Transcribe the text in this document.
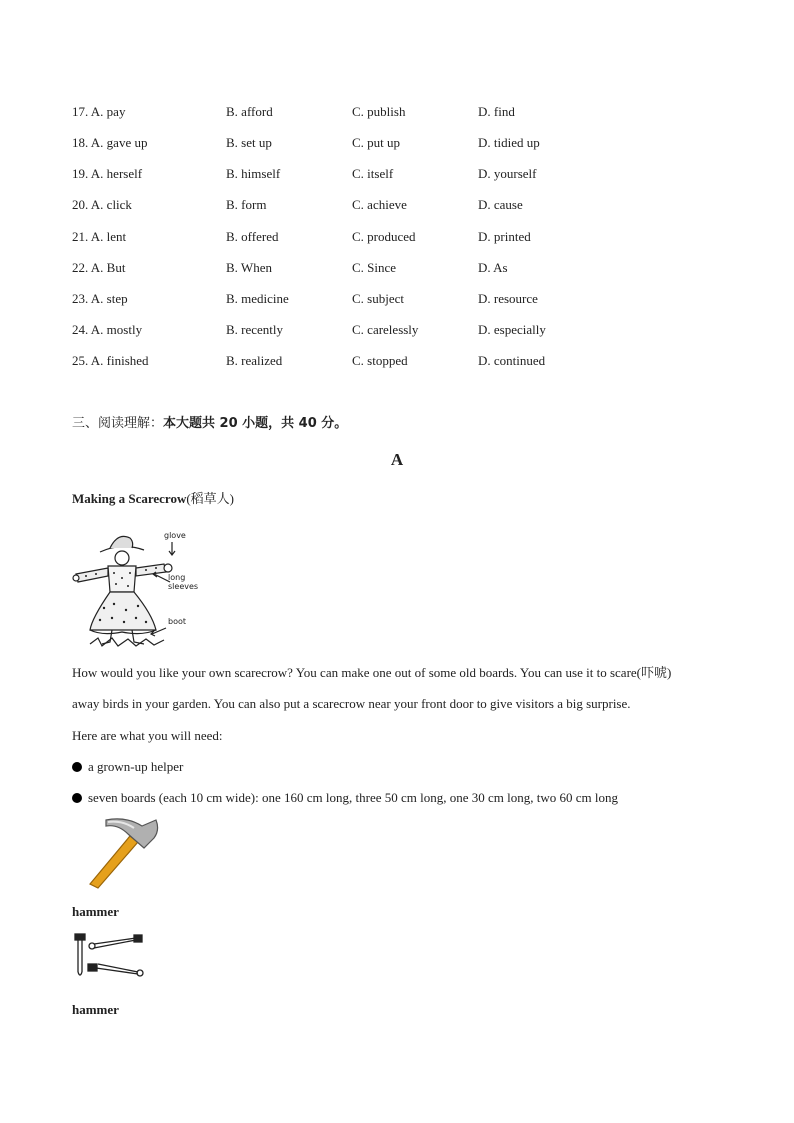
17. A. pay	B. afford	C. publish	D. find
18. A. gave up	B. set up	C. put up	D. tidied up
19. A. herself	B. himself	C. itself	D. yourself
20. A. click	B. form	C. achieve	D. cause
21. A. lent	B. offered	C. produced	D. printed
22. A. But	B. When	C. Since	D. As
23. A. step	B. medicine	C. subject	D. resource
24. A. mostly	B. recently	C. carelessly	D. especially
25. A. finished	B. realized	C. stopped	D. continued
三、阅读理解：本大题共 20 小题，共 40 分。
A
Making a Scarecrow(稻草人)
glove
long
sleeves
boot
How would you like your own scarecrow? You can make one out of some old boards. You can use it to scare(吓唬)
away birds in your garden. You can also put a scarecrow near your front door to give visitors a big surprise.
Here are what you will need:
a grown-up helper
seven boards (each 10 cm wide): one 160 cm long, three 50 cm long, one 30 cm long, two 60 cm long
hammer
hammer
